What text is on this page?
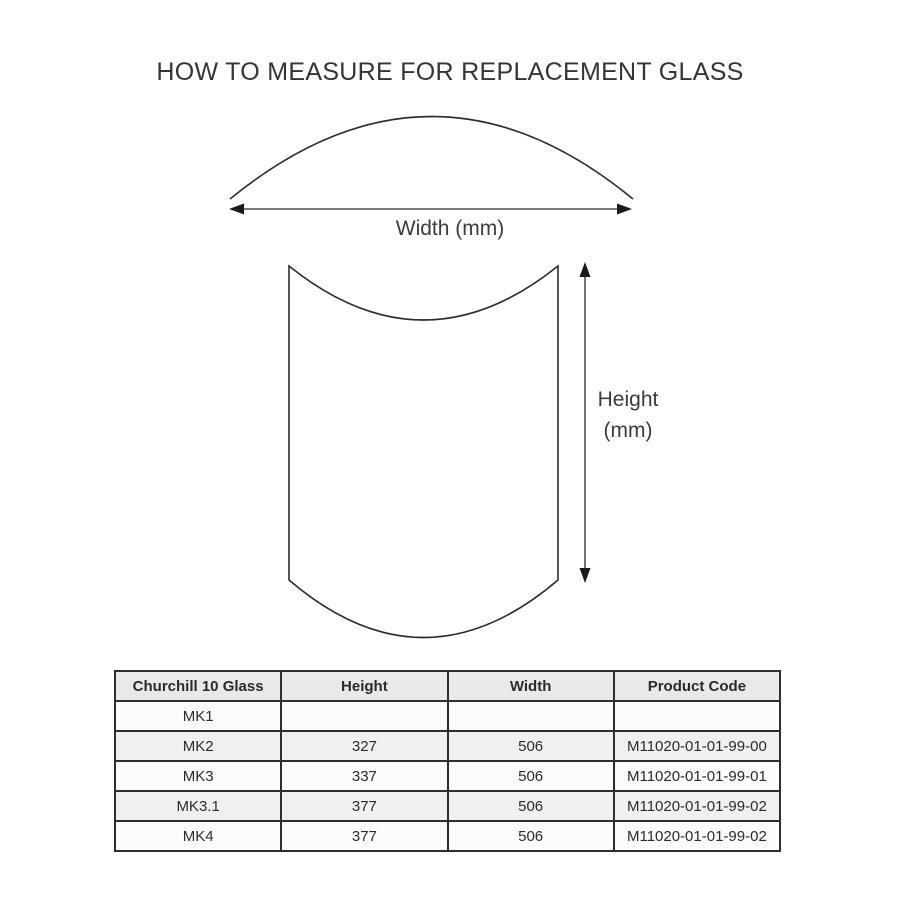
HOW TO MEASURE FOR REPLACEMENT GLASS
Width (mm)
Height
(mm)
Churchill 10 Glass	Height	Width	Product Code
MK1			
MK2	327	506	M11020-01-01-99-00
MK3	337	506	M11020-01-01-99-01
MK3.1	377	506	M11020-01-01-99-02
MK4	377	506	M11020-01-01-99-02
